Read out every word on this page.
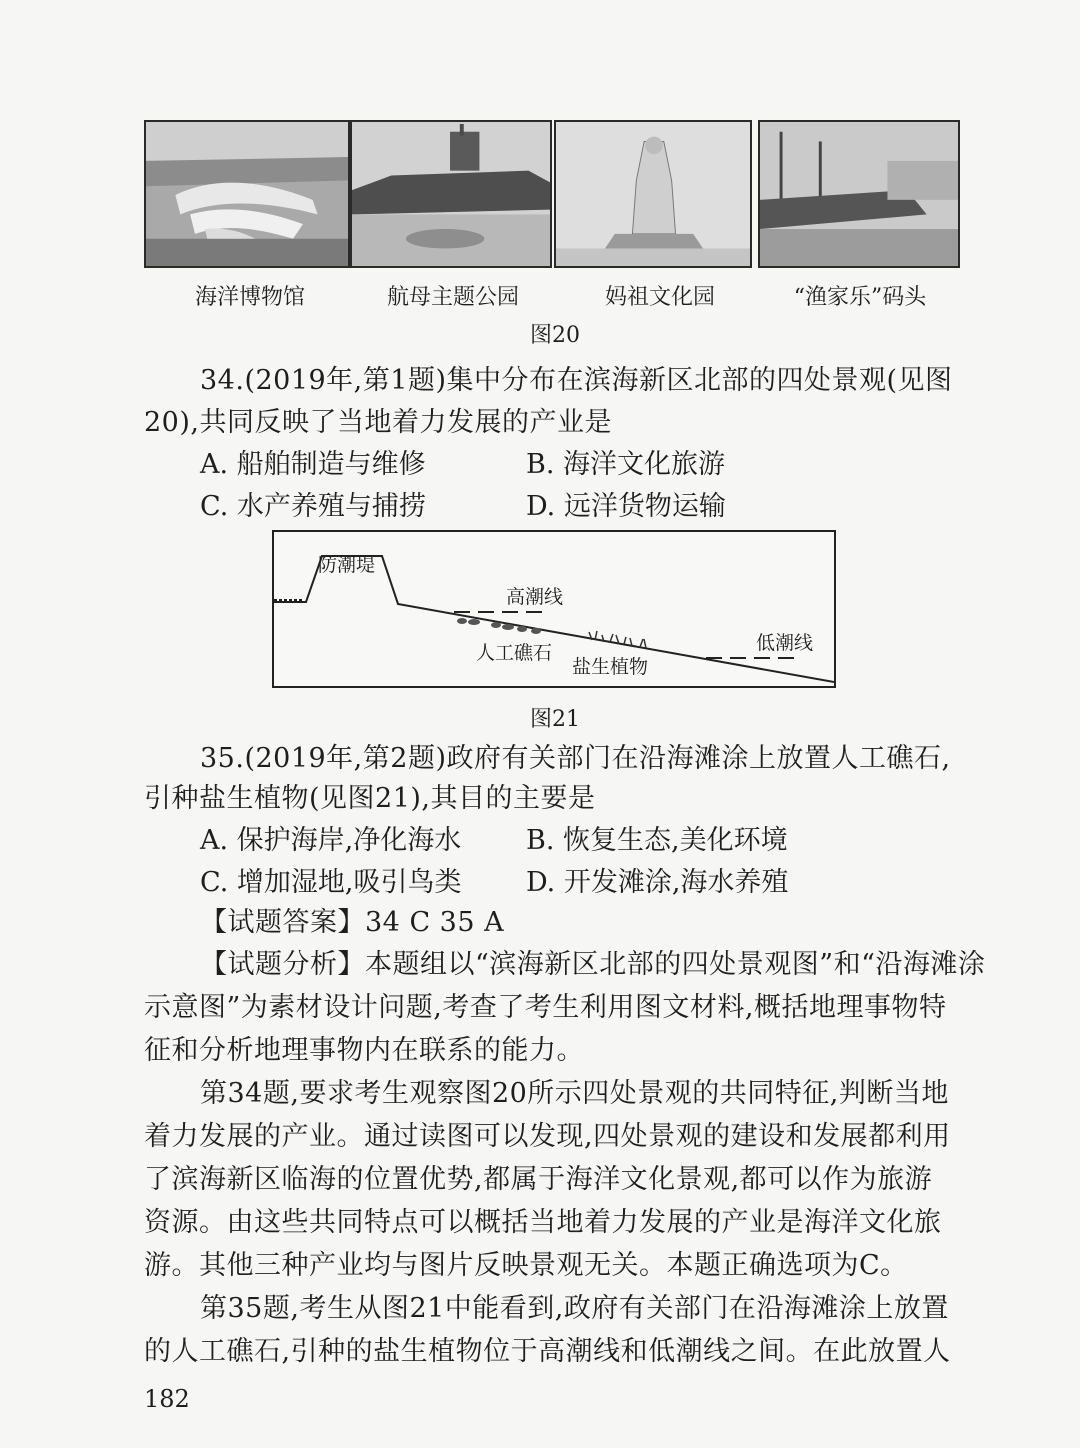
海洋博物馆	航母主题公园	妈祖文化园	“渔家乐”码头
图20
34.(2019年,第1题)集中分布在滨海新区北部的四处景观(见图
20),共同反映了当地着力发展的产业是
A. 船舶制造与维修	B. 海洋文化旅游
C. 水产养殖与捕捞	D. 远洋货物运输
防潮堤
高潮线
人工礁石
盐生植物
低潮线
图21
35.(2019年,第2题)政府有关部门在沿海滩涂上放置人工礁石,
引种盐生植物(见图21),其目的主要是
A. 保护海岸,净化海水 B. 恢复生态,美化环境
C. 增加湿地,吸引鸟类 D. 开发滩涂,海水养殖
【试题答案】34 C 35 A
【试题分析】本题组以“滨海新区北部的四处景观图”和“沿海滩涂
示意图”为素材设计问题,考查了考生利用图文材料,概括地理事物特
征和分析地理事物内在联系的能力。
第34题,要求考生观察图20所示四处景观的共同特征,判断当地
着力发展的产业。通过读图可以发现,四处景观的建设和发展都利用
了滨海新区临海的位置优势,都属于海洋文化景观,都可以作为旅游
资源。由这些共同特点可以概括当地着力发展的产业是海洋文化旅
游。其他三种产业均与图片反映景观无关。本题正确选项为C。
第35题,考生从图21中能看到,政府有关部门在沿海滩涂上放置
的人工礁石,引种的盐生植物位于高潮线和低潮线之间。在此放置人
182
